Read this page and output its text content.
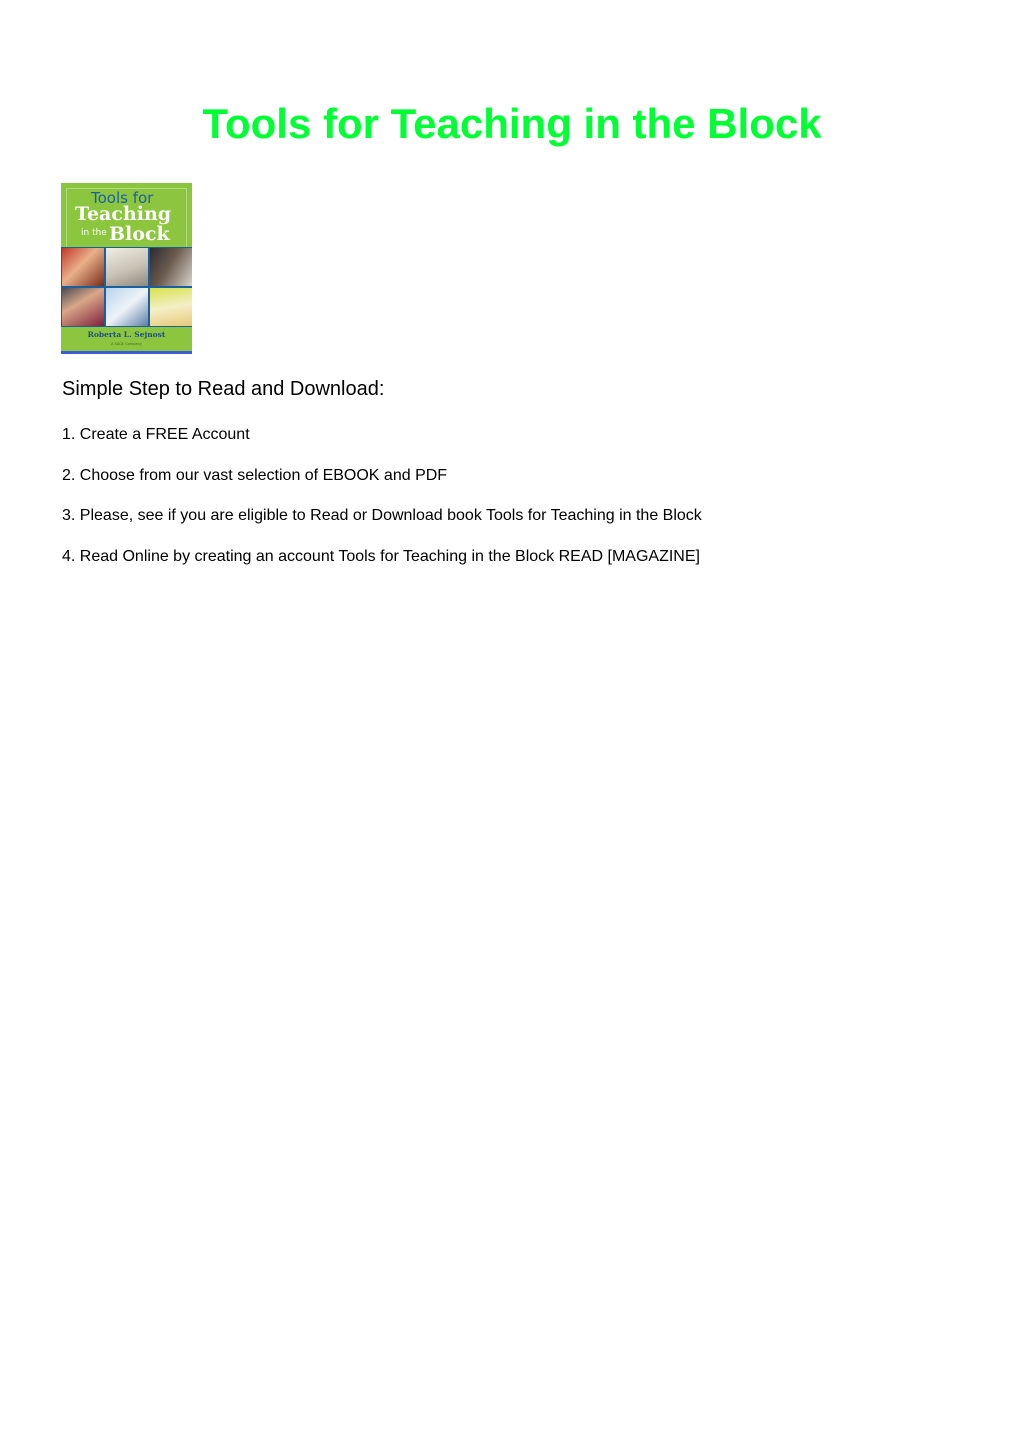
Tools for Teaching in the Block
Tools for
Teaching
in the Block
Roberta L. Sejnost
A SAGE Company
Simple Step to Read and Download:
1. Create a FREE Account
2. Choose from our vast selection of EBOOK and PDF
3. Please, see if you are eligible to Read or Download book Tools for Teaching in the Block
4. Read Online by creating an account Tools for Teaching in the Block READ [MAGAZINE]
